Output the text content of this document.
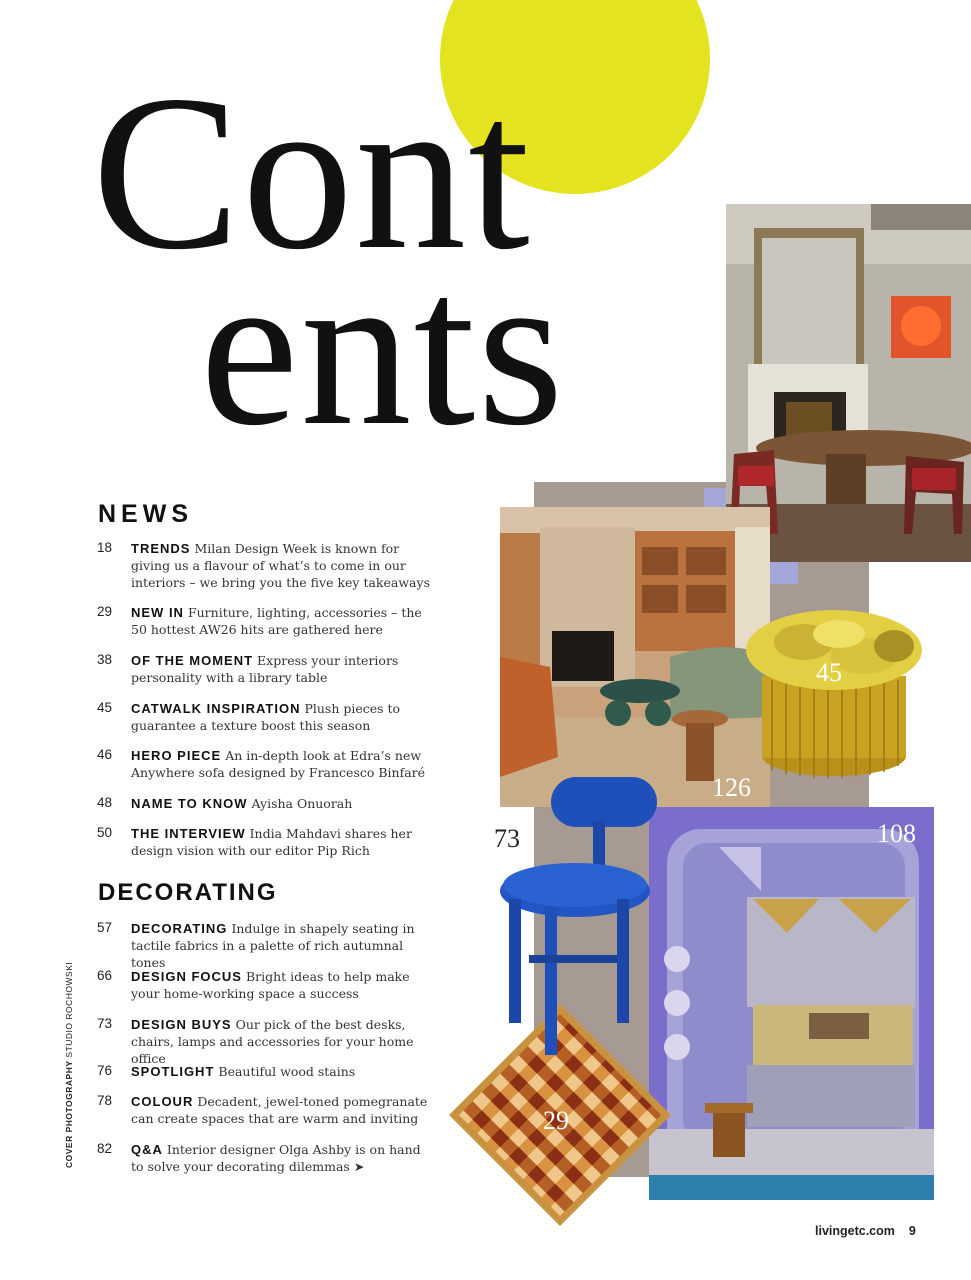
Cont
ents
126
45
108
29
73
NEWS
18 TRENDS Milan Design Week is known for giving us a flavour of what’s to come in our interiors – we bring you the five key takeaways
29 NEW IN Furniture, lighting, accessories – the 50 hottest AW26 hits are gathered here
38 OF THE MOMENT Express your interiors personality with a library table
45 CATWALK INSPIRATION Plush pieces to guarantee a texture boost this season
46 HERO PIECE An in-depth look at Edra’s new Anywhere sofa designed by Francesco Binfaré
48 NAME TO KNOW Ayisha Onuorah
50 THE INTERVIEW India Mahdavi shares her design vision with our editor Pip Rich
DECORATING
57 DECORATING Indulge in shapely seating in tactile fabrics in a palette of rich autumnal tones
66 DESIGN FOCUS Bright ideas to help make your home-working space a success
73 DESIGN BUYS Our pick of the best desks, chairs, lamps and accessories for your home office
76 SPOTLIGHT Beautiful wood stains
78 COLOUR Decadent, jewel-toned pomegranate can create spaces that are warm and inviting
82 Q&A Interior designer Olga Ashby is on hand to solve your decorating dilemmas ➤
COVER PHOTOGRAPHY STUDIO ROCHOWSKI
livingetc.com 9
